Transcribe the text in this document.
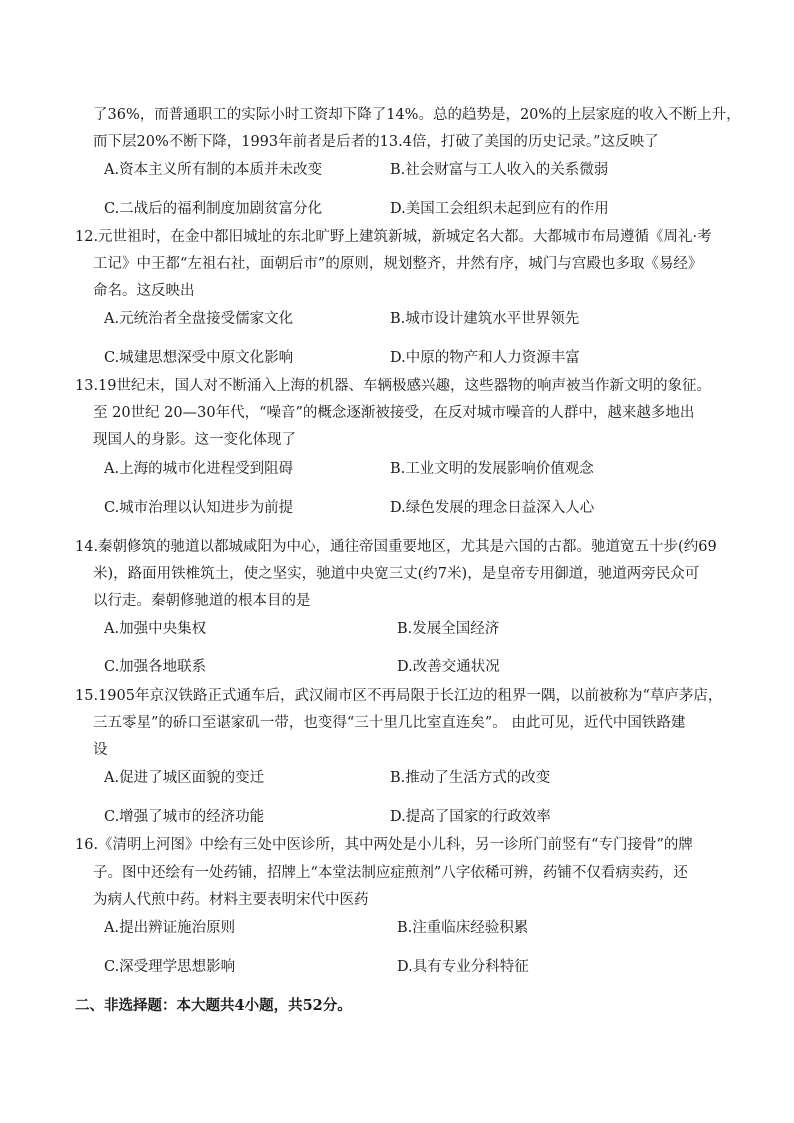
了36%，而普通职工的实际小时工资却下降了14%。总的趋势是，20%的上层家庭的收入不断上升，
而下层20%不断下降，1993年前者是后者的13.4倍，打破了美国的历史记录。”这反映了
A.资本主义所有制的本质并未改变	B.社会财富与工人收入的关系微弱
C.二战后的福利制度加剧贫富分化	D.美国工会组织未起到应有的作用
12.元世祖时，在金中都旧城址的东北旷野上建筑新城，新城定名大都。大都城市布局遵循《周礼·考
工记》中王都“左祖右社，面朝后市”的原则，规划整齐，井然有序，城门与宫殿也多取《易经》
命名。这反映出
A.元统治者全盘接受儒家文化	B.城市设计建筑水平世界领先
C.城建思想深受中原文化影响	D.中原的物产和人力资源丰富
13.19世纪末，国人对不断涌入上海的机器、车辆极感兴趣，这些器物的响声被当作新文明的象征。
至 20世纪 20—30年代，“噪音”的概念逐渐被接受，在反对城市噪音的人群中，越来越多地出
现国人的身影。这一变化体现了
A.上海的城市化进程受到阻碍	B.工业文明的发展影响价值观念
C.城市治理以认知进步为前提	D.绿色发展的理念日益深入人心
14.秦朝修筑的驰道以都城咸阳为中心，通往帝国重要地区，尤其是六国的古都。驰道宽五十步(约69
米)，路面用铁椎筑土，使之坚实，驰道中央宽三丈(约7米)，是皇帝专用御道，驰道两旁民众可
以行走。秦朝修驰道的根本目的是
A.加强中央集权	B.发展全国经济
C.加强各地联系	D.改善交通状况
15.1905年京汉铁路正式通车后，武汉闹市区不再局限于长江边的租界一隅，以前被称为“草庐茅店，
三五零星”的硚口至谌家矶一带，也变得“三十里几比室直连矣”。 由此可见，近代中国铁路建
设
A.促进了城区面貌的变迁	B.推动了生活方式的改变
C.增强了城市的经济功能	D.提高了国家的行政效率
16.《清明上河图》中绘有三处中医诊所，其中两处是小儿科，另一诊所门前竖有“专门接骨”的牌
子。图中还绘有一处药铺，招牌上“本堂法制应症煎剂”八字依稀可辨，药铺不仅看病卖药，还
为病人代煎中药。材料主要表明宋代中医药
A.提出辨证施治原则	B.注重临床经验积累
C.深受理学思想影响	D.具有专业分科特征
二、非选择题：本大题共4小题，共52分。
